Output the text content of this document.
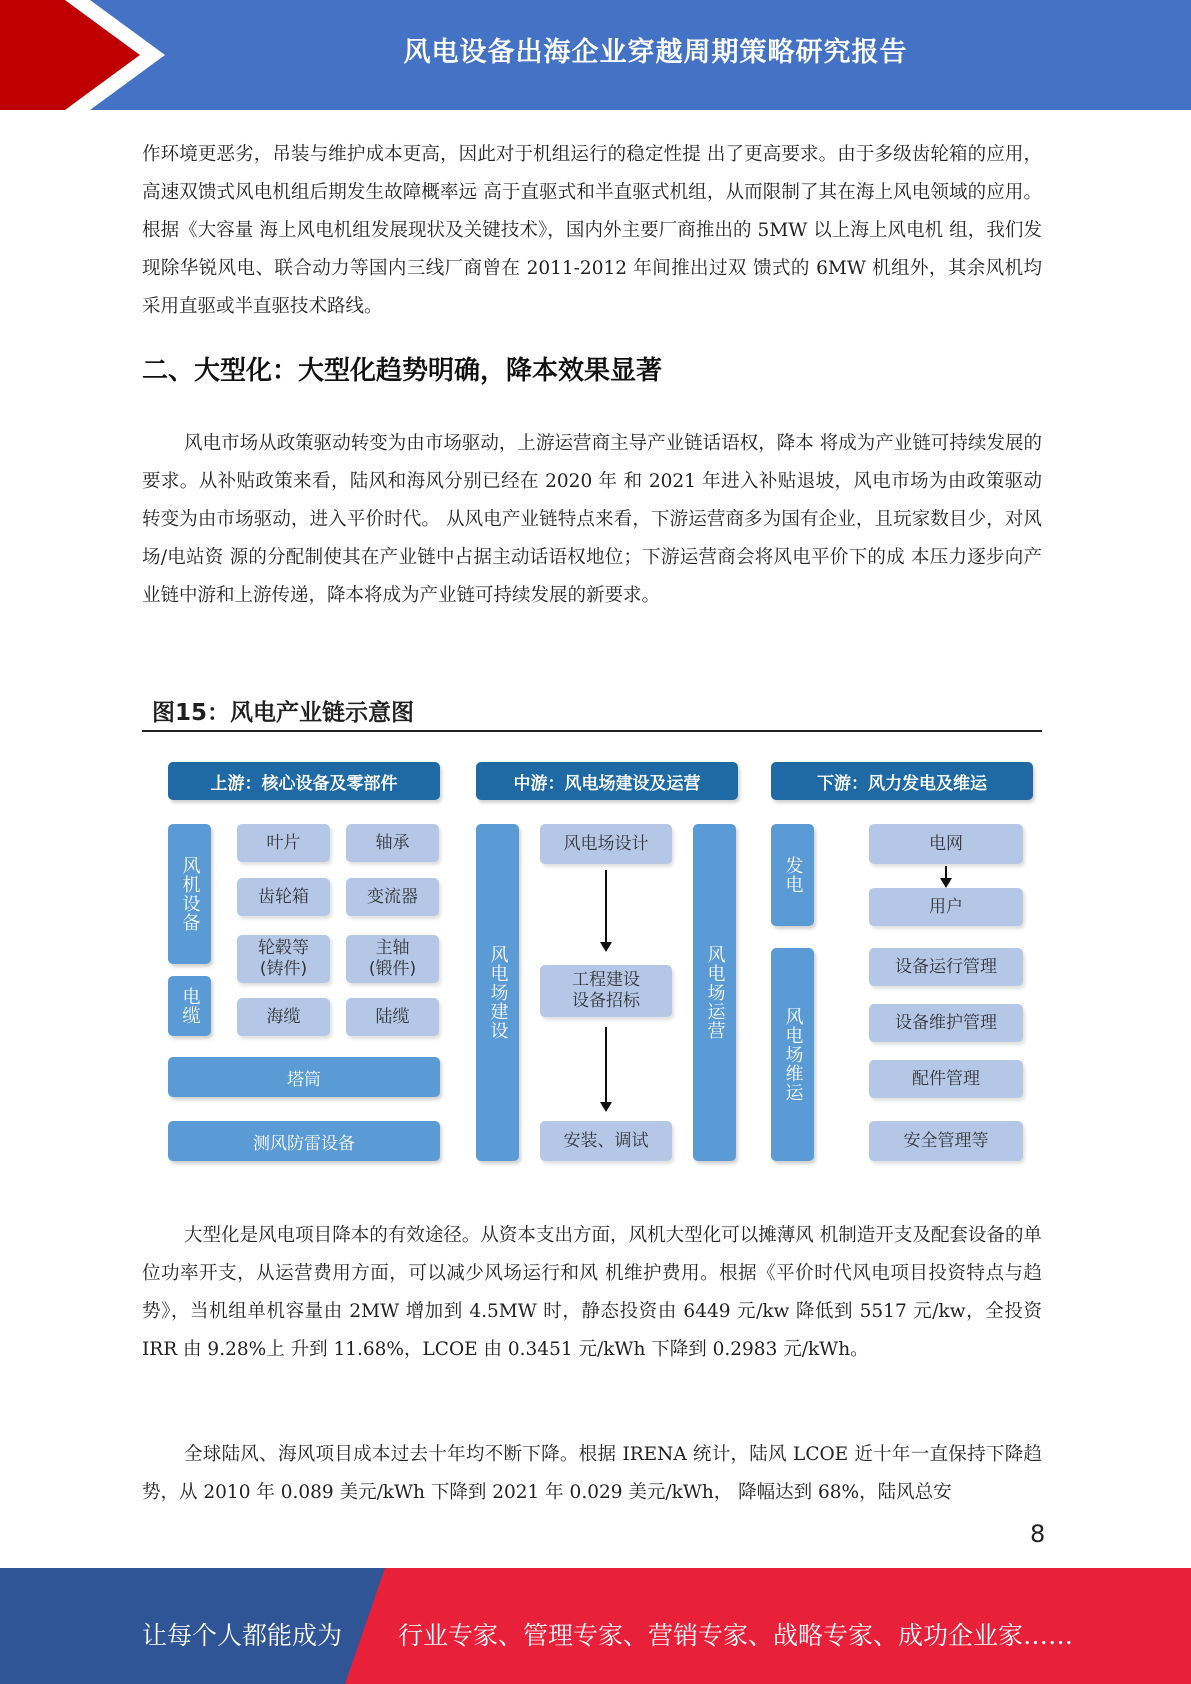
风电设备出海企业穿越周期策略研究报告

作环境更恶劣，吊装与维护成本更高，因此对于机组运行的稳定性提 出了更高要求。由于多级齿轮箱的应用，高速双馈式风电机组后期发生故障概率远 高于直驱式和半直驱式机组，从而限制了其在海上风电领域的应用。根据《大容量 海上风电机组发展现状及关键技术》，国内外主要厂商推出的 5MW 以上海上风电机 组，我们发现除华锐风电、联合动力等国内三线厂商曾在 2011-2012 年间推出过双 馈式的 6MW 机组外，其余风机均采用直驱或半直驱技术路线。

二、大型化：大型化趋势明确，降本效果显著

风电市场从政策驱动转变为由市场驱动，上游运营商主导产业链话语权，降本 将成为产业链可持续发展的要求。从补贴政策来看，陆风和海风分别已经在 2020 年 和 2021 年进入补贴退坡，风电市场为由政策驱动转变为由市场驱动，进入平价时代。 从风电产业链特点来看，下游运营商多为国有企业，且玩家数目少，对风场/电站资 源的分配制使其在产业链中占据主动话语权地位；下游运营商会将风电平价下的成 本压力逐步向产业链中游和上游传递，降本将成为产业链可持续发展的新要求。

图15：风电产业链示意图
上游：核心设备及零部件
风机设备
电缆
叶片	轴承
齿轮箱	变流器
轮毂等
(铸件)
主轴
(锻件)
海缆	陆缆
塔筒
测风防雷设备
中游：风电场建设及运营
风电场建设	风电场运营
风电场设计
工程建设
设备招标
安装、调试
下游：风力发电及维运
发电
风电场维运
电网
用户
设备运行管理
设备维护管理
配件管理
安全管理等

大型化是风电项目降本的有效途径。从资本支出方面，风机大型化可以摊薄风 机制造开支及配套设备的单位功率开支，从运营费用方面，可以减少风场运行和风 机维护费用。根据《平价时代风电项目投资特点与趋势》，当机组单机容量由 2MW 增加到 4.5MW 时，静态投资由 6449 元/kw 降低到 5517 元/kw，全投资 IRR 由 9.28%上 升到 11.68%，LCOE 由 0.3451 元/kWh 下降到 0.2983 元/kWh。

全球陆风、海风项目成本过去十年均不断下降。根据 IRENA 统计，陆风 LCOE 近十年一直保持下降趋势，从 2010 年 0.089 美元/kWh 下降到 2021 年 0.029 美元/kWh， 降幅达到 68%，陆风总安

8
让每个人都能成为 行业专家、管理专家、营销专家、战略专家、成功企业家……
